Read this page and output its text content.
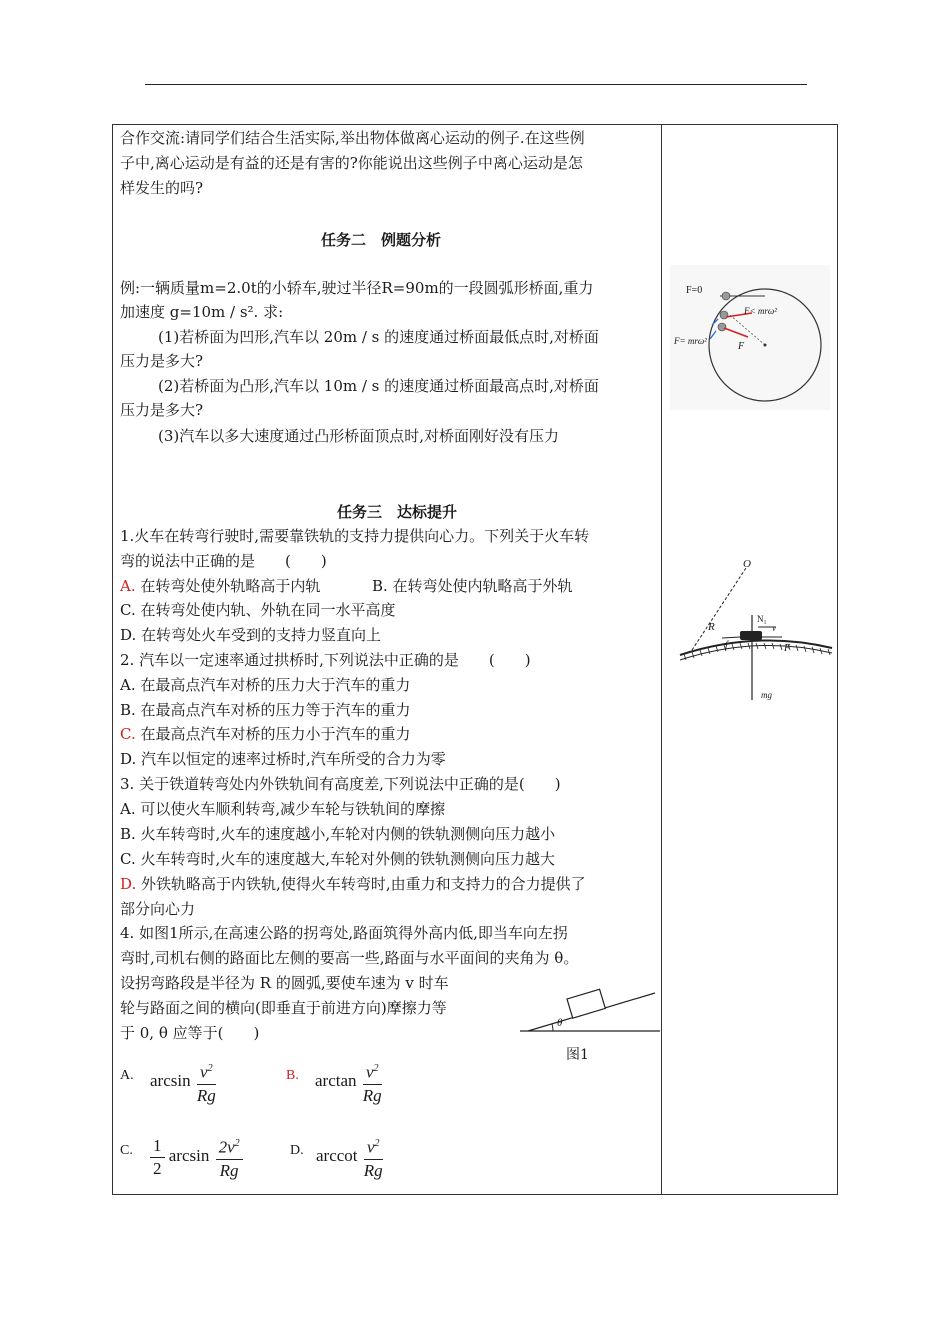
合作交流:请同学们结合生活实际,举出物体做离心运动的例子.在这些例
子中,离心运动是有益的还是有害的?你能说出这些例子中离心运动是怎
样发生的吗?
任务二　例题分析
例:一辆质量m=2.0t的小轿车,驶过半径R=90m的一段圆弧形桥面,重力
加速度 g=10m / s². 求:
(1)若桥面为凹形,汽车以 20m / s 的速度通过桥面最低点时,对桥面
压力是多大?
(2)若桥面为凸形,汽车以 10m / s 的速度通过桥面最高点时,对桥面
压力是多大?
(3)汽车以多大速度通过凸形桥面顶点时,对桥面刚好没有压力
任务三　达标提升
1.火车在转弯行驶时,需要靠铁轨的支持力提供向心力。下列关于火车转
弯的说法中正确的是　　(　　)
A. 在转弯处使外轨略高于内轨	B. 在转弯处使内轨略高于外轨
C. 在转弯处使内轨、外轨在同一水平高度
D. 在转弯处火车受到的支持力竖直向上
2. 汽车以一定速率通过拱桥时,下列说法中正确的是　　(　　)
A. 在最高点汽车对桥的压力大于汽车的重力
B. 在最高点汽车对桥的压力等于汽车的重力
C. 在最高点汽车对桥的压力小于汽车的重力
D. 汽车以恒定的速率过桥时,汽车所受的合力为零
3. 关于铁道转弯处内外铁轨间有高度差,下列说法中正确的是(　　)
A. 可以使火车顺利转弯,减少车轮与铁轨间的摩擦
B. 火车转弯时,火车的速度越小,车轮对内侧的铁轨测侧向压力越小
C. 火车转弯时,火车的速度越大,车轮对外侧的铁轨测侧向压力越大
D. 外铁轨略高于内铁轨,使得火车转弯时,由重力和支持力的合力提供了
部分向心力
4. 如图1所示,在高速公路的拐弯处,路面筑得外高内低,即当车向左拐
弯时,司机右侧的路面比左侧的要高一些,路面与水平面间的夹角为 θ。
设拐弯路段是半径为 R 的圆弧,要使车速为 v 时车
轮与路面之间的横向(即垂直于前进方向)摩擦力等
于 0, θ 应等于(　　)
θ
图1
A. $\arcsin \frac{v^2}{Rg}$	B. $\arctan \frac{v^2}{Rg}$
C. $\frac{1}{2}$ $\arcsin \frac{2v^2}{Rg}$	D. arccot $\frac{v^2}{Rg}$
F=0
F< mrω²
F
F= mrω²
O
R
N₁
v
f	F
mg
